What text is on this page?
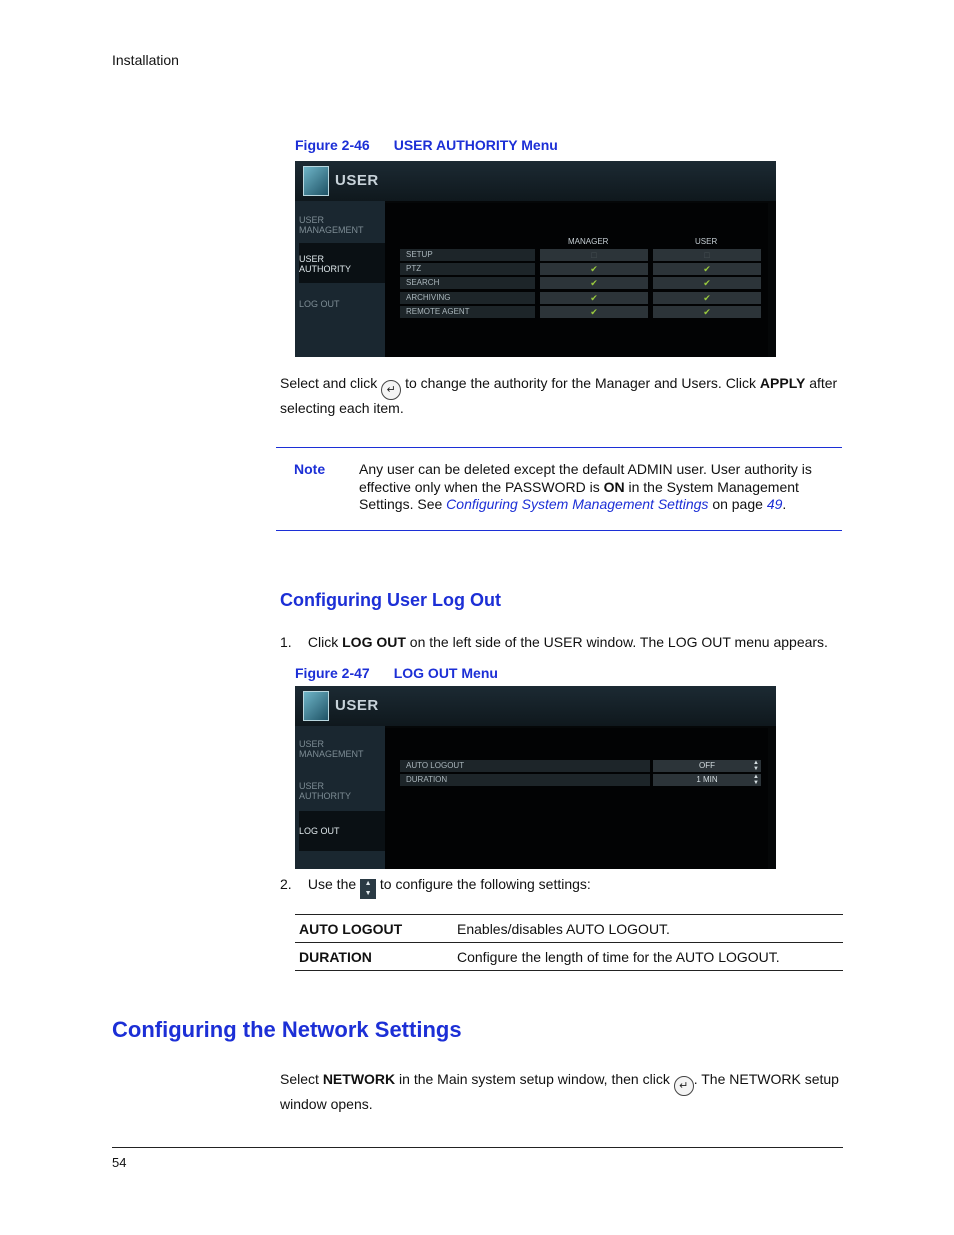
Installation
Figure 2-46 USER AUTHORITY Menu
USER
USER
MANAGEMENT
USER
AUTHORITY
LOG OUT
MANAGER	USER
SETUP	□	□
PTZ	✔	✔
SEARCH	✔	✔
ARCHIVING	✔	✔
REMOTE AGENT	✔	✔
Select and click ↵ to change the authority for the Manager and Users. Click APPLY after selecting each item.
Note Any user can be deleted except the default ADMIN user. User authority is effective only when the PASSWORD is ON in the System Management Settings. See Configuring System Management Settings on page 49.
Configuring User Log Out
1. Click LOG OUT on the left side of the USER window. The LOG OUT menu appears.
Figure 2-47 LOG OUT Menu
USER
USER
MANAGEMENT
USER
AUTHORITY
LOG OUT
AUTO LOGOUT	OFF	▲
▼
DURATION	1 MIN	▲
▼
2. Use the ▲
▼ to configure the following settings:
AUTO LOGOUT	Enables/disables AUTO LOGOUT.
DURATION	Configure the length of time for the AUTO LOGOUT.
Configuring the Network Settings
Select NETWORK in the Main system setup window, then click ↵ . The NETWORK setup window opens.
54
